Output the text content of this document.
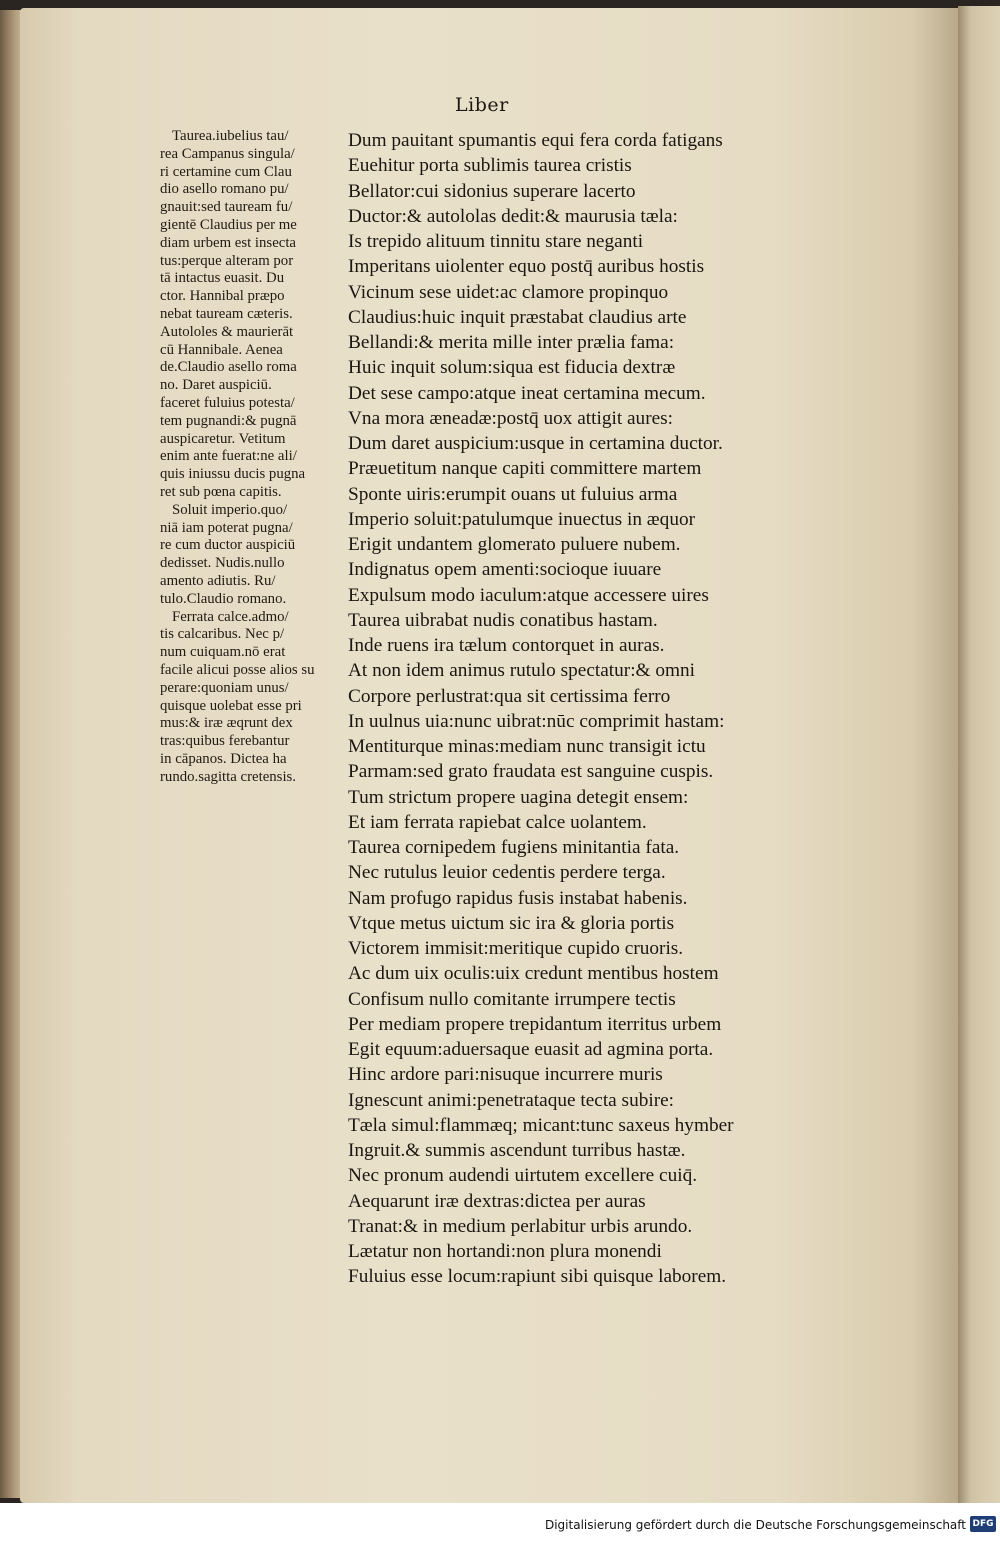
Liber
Taurea.iubelius tau/
rea Campanus singula/
ri certamine cum Clau
dio asello romano pu/
gnauit:sed tauream fu/
gientē Claudius per me
diam urbem est insecta
tus:perque alteram por
tā intactus euasit. Du
ctor. Hannibal præpo
nebat tauream cæteris.
Autololes & maurierāt
cū Hannibale. Aenea
de.Claudio asello roma
no. Daret auspiciū.
faceret fuluius potesta/
tem pugnandi:& pugnā
auspicaretur. Vetitum
enim ante fuerat:ne ali/
quis iniussu ducis pugna
ret sub pœna capitis.
Soluit imperio.quo/
niā iam poterat pugna/
re cum ductor auspiciū
dedisset. Nudis.nullo
amento adiutis. Ru/
tulo.Claudio romano.
Ferrata calce.admo/
tis calcaribus. Nec p/
num cuiquam.nō erat
facile alicui posse alios su
perare:quoniam unus/
quisque uolebat esse pri
mus:& iræ æqrunt dex
tras:quibus ferebantur
in cāpanos. Dictea ha
rundo.sagitta cretensis.
Dum pauitant spumantis equi fera corda fatigans
Euehitur porta sublimis taurea cristis
Bellator:cui sidonius superare lacerto
Ductor:& autololas dedit:& maurusia tæla:
Is trepido alituum tinnitu stare neganti
Imperitans uiolenter equo postq̄ auribus hostis
Vicinum sese uidet:ac clamore propinquo
Claudius:huic inquit præstabat claudius arte
Bellandi:& merita mille inter prælia fama:
Huic inquit solum:siqua est fiducia dextræ
Det sese campo:atque ineat certamina mecum.
Vna mora æneadæ:postq̄ uox attigit aures:
Dum daret auspicium:usque in certamina ductor.
Præuetitum nanque capiti committere martem
Sponte uiris:erumpit ouans ut fuluius arma
Imperio soluit:patulumque inuectus in æquor
Erigit undantem glomerato puluere nubem.
Indignatus opem amenti:socioque iuuare
Expulsum modo iaculum:atque accessere uires
Taurea uibrabat nudis conatibus hastam.
Inde ruens ira tælum contorquet in auras.
At non idem animus rutulo spectatur:& omni
Corpore perlustrat:qua sit certissima ferro
In uulnus uia:nunc uibrat:nūc comprimit hastam:
Mentiturque minas:mediam nunc transigit ictu
Parmam:sed grato fraudata est sanguine cuspis.
Tum strictum propere uagina detegit ensem:
Et iam ferrata rapiebat calce uolantem.
Taurea cornipedem fugiens minitantia fata.
Nec rutulus leuior cedentis perdere terga.
Nam profugo rapidus fusis instabat habenis.
Vtque metus uictum sic ira & gloria portis
Victorem immisit:meritique cupido cruoris.
Ac dum uix oculis:uix credunt mentibus hostem
Confisum nullo comitante irrumpere tectis
Per mediam propere trepidantum iterritus urbem
Egit equum:aduersaque euasit ad agmina porta.
Hinc ardore pari:nisuque incurrere muris
Ignescunt animi:penetrataque tecta subire:
Tæla simul:flammæq; micant:tunc saxeus hymber
Ingruit.& summis ascendunt turribus hastæ.
Nec pronum audendi uirtutem excellere cuiq̄.
Aequarunt iræ dextras:dictea per auras
Tranat:& in medium perlabitur urbis arundo.
Lætatur non hortandi:non plura monendi
Fuluius esse locum:rapiunt sibi quisque laborem.
Digitalisierung gefördert durch die Deutsche Forschungsgemeinschaft DFG
